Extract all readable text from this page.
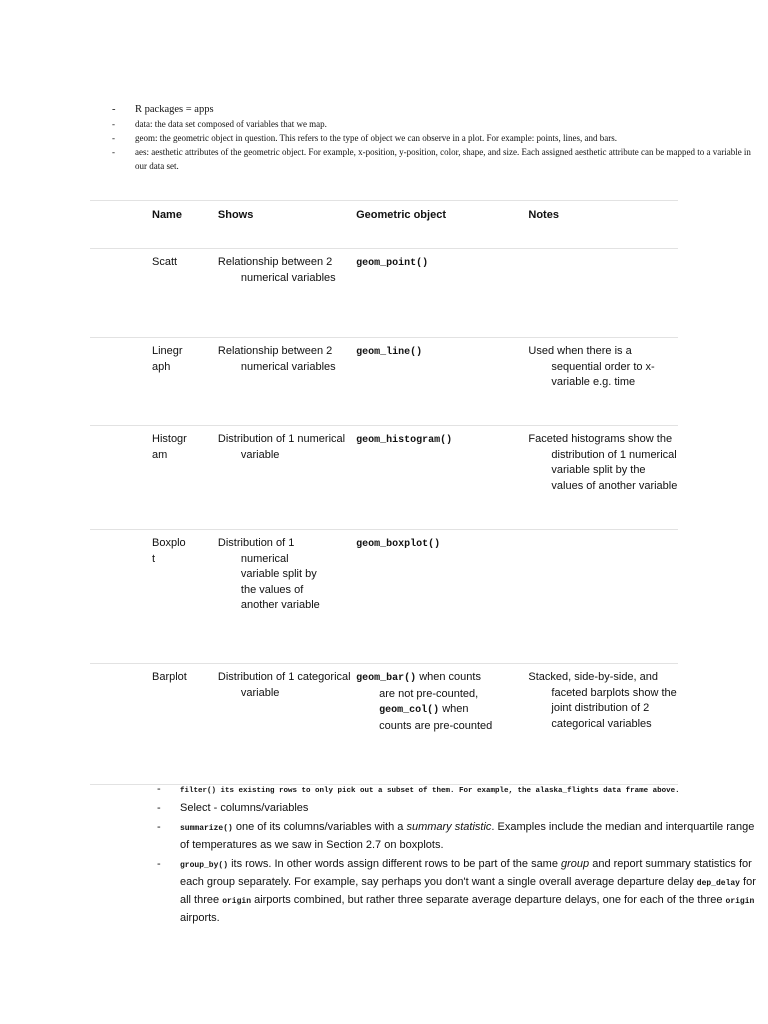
- R packages = apps
- data: the data set composed of variables that we map.
- geom: the geometric object in question. This refers to the type of object we can observe in a plot. For example: points, lines, and bars.
- aes: aesthetic attributes of the geometric object. For example, x-position, y-position, color, shape, and size. Each assigned aesthetic attribute can be mapped to a variable in our data set.
Name	Shows	Geometric object	Notes
Scatt	Relationship between 2 numerical variables	geom_point()	

Linegraph	Relationship between 2 numerical variables	geom_line()	Used when there is a sequential order to x-variable e.g. time

Histogram	Distribution of 1 numerical variable	geom_histogram()	Faceted histograms show the distribution of 1 numerical variable split by the values of another variable

Boxplot	Distribution of 1 numerical variable split by the values of another variable	geom_boxplot()	

Barplot	Distribution of 1 categorical variable	geom_bar() when counts are not pre-counted, geom_col() when counts are pre-counted	Stacked, side-by-side, and faceted barplots show the joint distribution of 2 categorical variables
-	filter() its existing rows to only pick out a subset of them. For example, the alaska_flights data frame above.
- Select - columns/variables
- summarize() one of its columns/variables with a summary statistic. Examples include the median and interquartile range of temperatures as we saw in Section 2.7 on boxplots.
- group_by() its rows. In other words assign different rows to be part of the same group and report summary statistics for each group separately. For example, say perhaps you don't want a single overall average departure delay dep_delay for all three origin airports combined, but rather three separate average departure delays, one for each of the three origin airports.
